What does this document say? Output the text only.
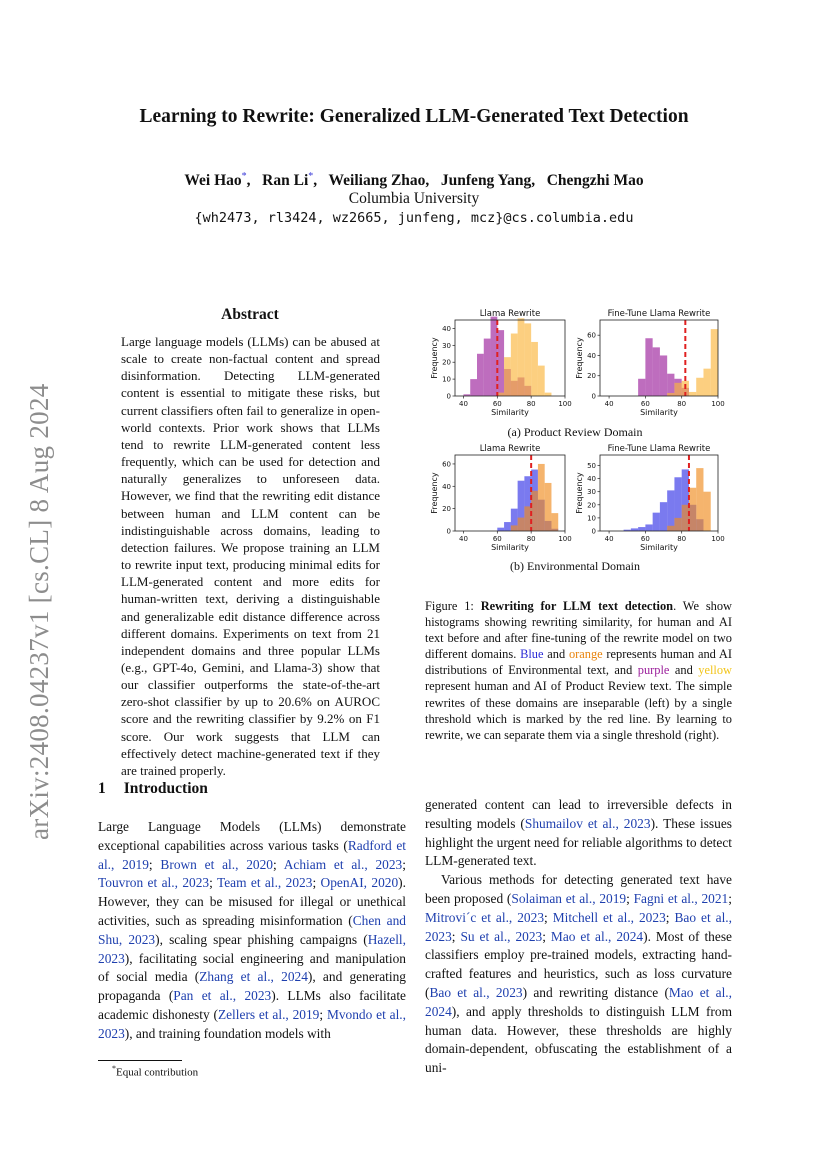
Learning to Rewrite: Generalized LLM-Generated Text Detection
Wei Hao*,   Ran Li*,   Weiliang Zhao,   Junfeng Yang,   Chengzhi Mao
Columbia University
{wh2473, rl3424, wz2665, junfeng, mcz}@cs.columbia.edu
arXiv:2408.04237v1 [cs.CL] 8 Aug 2024
Abstract
Large language models (LLMs) can be abused at scale to create non-factual content and spread disinformation. Detecting LLM-generated content is essential to mitigate these risks, but current classifiers often fail to generalize in open-world contexts. Prior work shows that LLMs tend to rewrite LLM-generated content less frequently, which can be used for detection and naturally generalizes to unforeseen data. However, we find that the rewriting edit distance between human and LLM content can be indistinguishable across domains, leading to detection failures. We propose training an LLM to rewrite input text, producing minimal edits for LLM-generated content and more edits for human-written text, deriving a distinguishable and generalizable edit distance difference across different domains. Experiments on text from 21 independent domains and three popular LLMs (e.g., GPT-4o, Gemini, and Llama-3) show that our classifier outperforms the state-of-the-art zero-shot classifier by up to 20.6% on AUROC score and the rewriting classifier by 9.2% on F1 score. Our work suggests that LLM can effectively detect machine-generated text if they are trained properly.
Llama Rewrite
40	60	80	100
0
10
20
30
40
Similarity
Frequency
Fine-Tune Llama Rewrite
40	60	80	100
0
20
40
60
Similarity
Frequency
Llama Rewrite
40	60	80	100
0
20
40
60
Similarity
Frequency
Fine-Tune Llama Rewrite
40	60	80	100
0
10
20
30
40
50
Similarity
Frequency
(a) Product Review Domain
(b) Environmental Domain
Figure 1: Rewriting for LLM text detection. We show histograms showing rewriting similarity, for human and AI text before and after fine-tuning of the rewrite model on two different domains. Blue and orange represents human and AI distributions of Environmental text, and purple and yellow represent human and AI of Product Review text. The simple rewrites of these domains are inseparable (left) by a single threshold which is marked by the red line. By learning to rewrite, we can separate them via a single threshold (right).
1 Introduction
Large Language Models (LLMs) demonstrate exceptional capabilities across various tasks (Radford et al., 2019; Brown et al., 2020; Achiam et al., 2023; Touvron et al., 2023; Team et al., 2023; OpenAI, 2020). However, they can be misused for illegal or unethical activities, such as spreading misinformation (Chen and Shu, 2023), scaling spear phishing campaigns (Hazell, 2023), facilitating social engineering and manipulation of social media (Zhang et al., 2024), and generating propaganda (Pan et al., 2023). LLMs also facilitate academic dishonesty (Zellers et al., 2019; Mvondo et al., 2023), and training foundation models with

generated content can lead to irreversible defects in resulting models (Shumailov et al., 2023). These issues highlight the urgent need for reliable algorithms to detect LLM-generated text.

Various methods for detecting generated text have been proposed (Solaiman et al., 2019; Fagni et al., 2021; Mitrovi´c et al., 2023; Mitchell et al., 2023; Bao et al., 2023; Su et al., 2023; Mao et al., 2024). Most of these classifiers employ pre-trained models, extracting hand-crafted features and heuristics, such as loss curvature (Bao et al., 2023) and rewriting distance (Mao et al., 2024), and apply thresholds to distinguish LLM from human data. However, these thresholds are highly domain-dependent, obfuscating the establishment of a uni-

*Equal contribution
